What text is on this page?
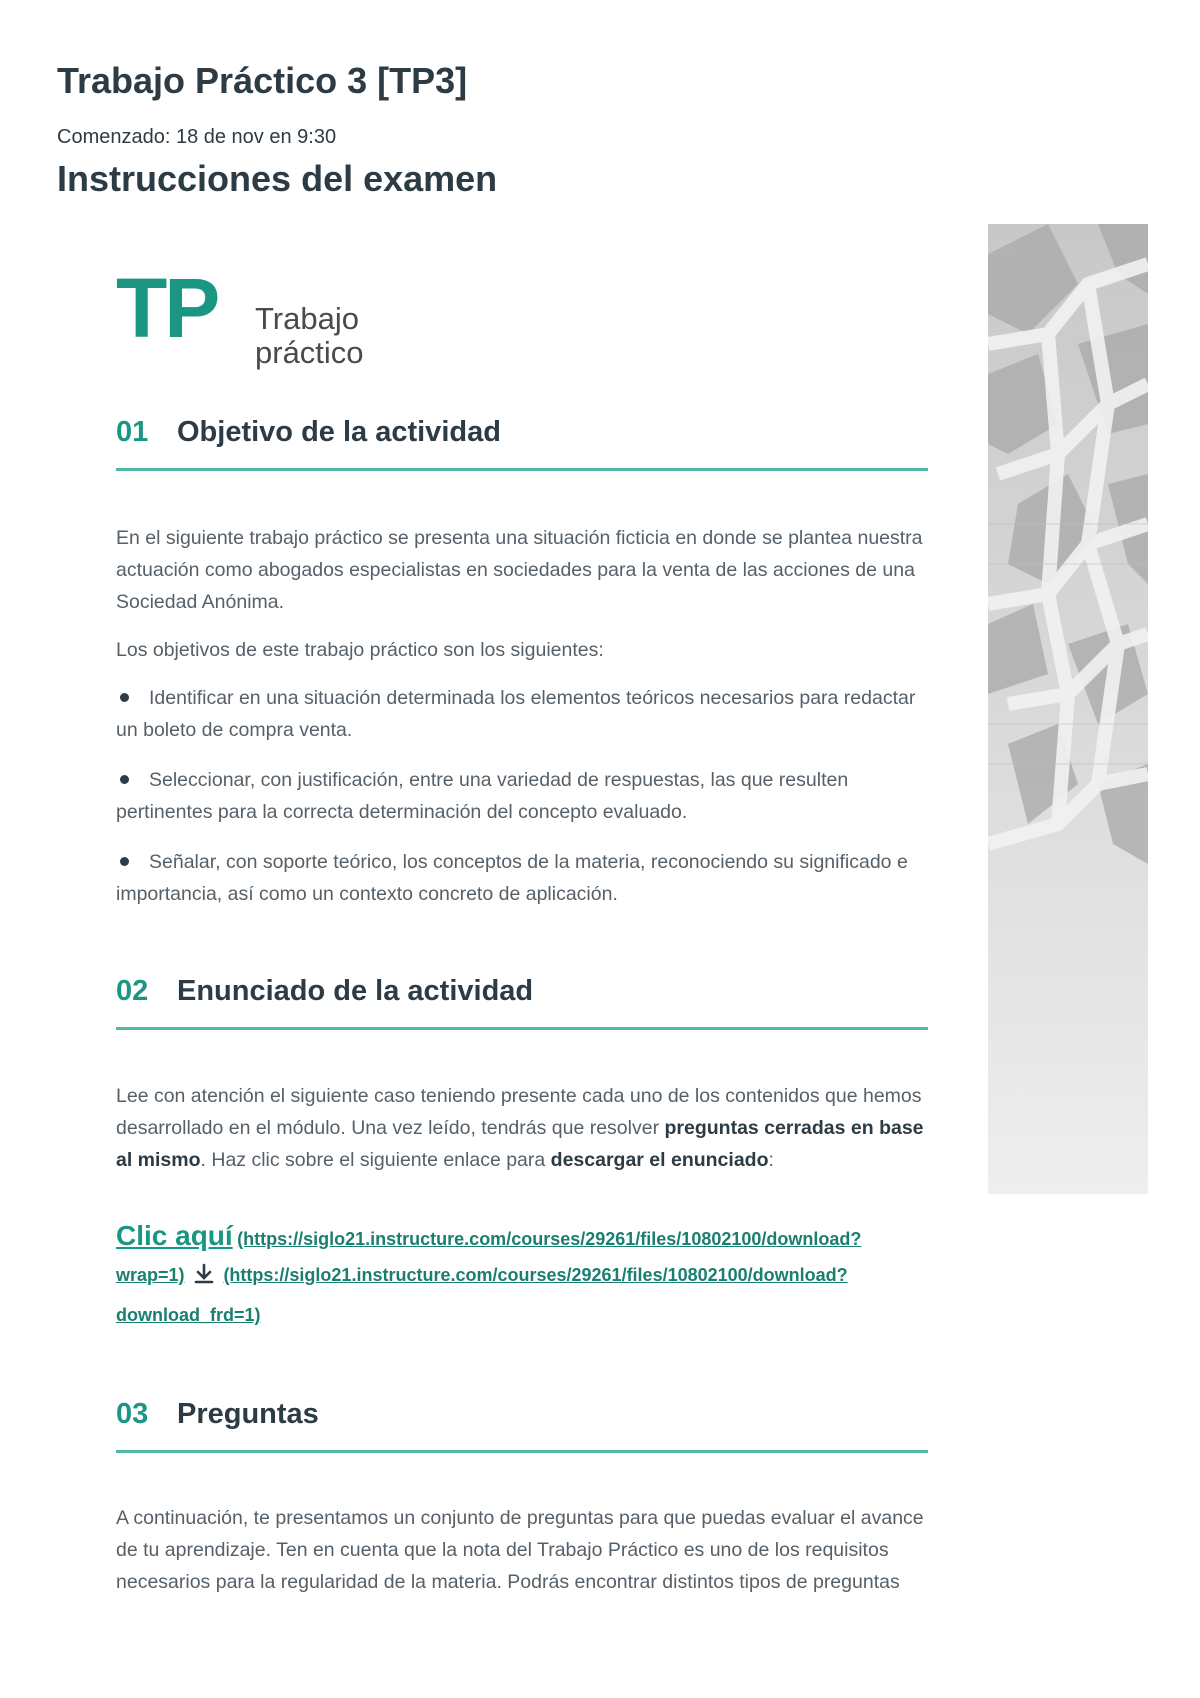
Trabajo Práctico 3 [TP3]
Comenzado: 18 de nov en 9:30
Instrucciones del examen
TP Trabajo
práctico
01 Objetivo de la actividad

En el siguiente trabajo práctico se presenta una situación ficticia en donde se plantea nuestra actuación como abogados especialistas en sociedades para la venta de las acciones de una Sociedad Anónima.

Los objetivos de este trabajo práctico son los siguientes:

Identificar en una situación determinada los elementos teóricos necesarios para redactar un boleto de compra venta.

Seleccionar, con justificación, entre una variedad de respuestas, las que resulten pertinentes para la correcta determinación del concepto evaluado.

Señalar, con soporte teórico, los conceptos de la materia, reconociendo su significado e importancia, así como un contexto concreto de aplicación.

02 Enunciado de la actividad

Lee con atención el siguiente caso teniendo presente cada uno de los contenidos que hemos desarrollado en el módulo. Una vez leído, tendrás que resolver preguntas cerradas en base al mismo. Haz clic sobre el siguiente enlace para descargar el enunciado:

Clic aquí (https://siglo21.instructure.com/courses/29261/files/10802100/download?wrap=1) (https://siglo21.instructure.com/courses/29261/files/10802100/download?download_frd=1)
03 Preguntas

A continuación, te presentamos un conjunto de preguntas para que puedas evaluar el avance de tu aprendizaje. Ten en cuenta que la nota del Trabajo Práctico es uno de los requisitos necesarios para la regularidad de la materia. Podrás encontrar distintos tipos de preguntas
